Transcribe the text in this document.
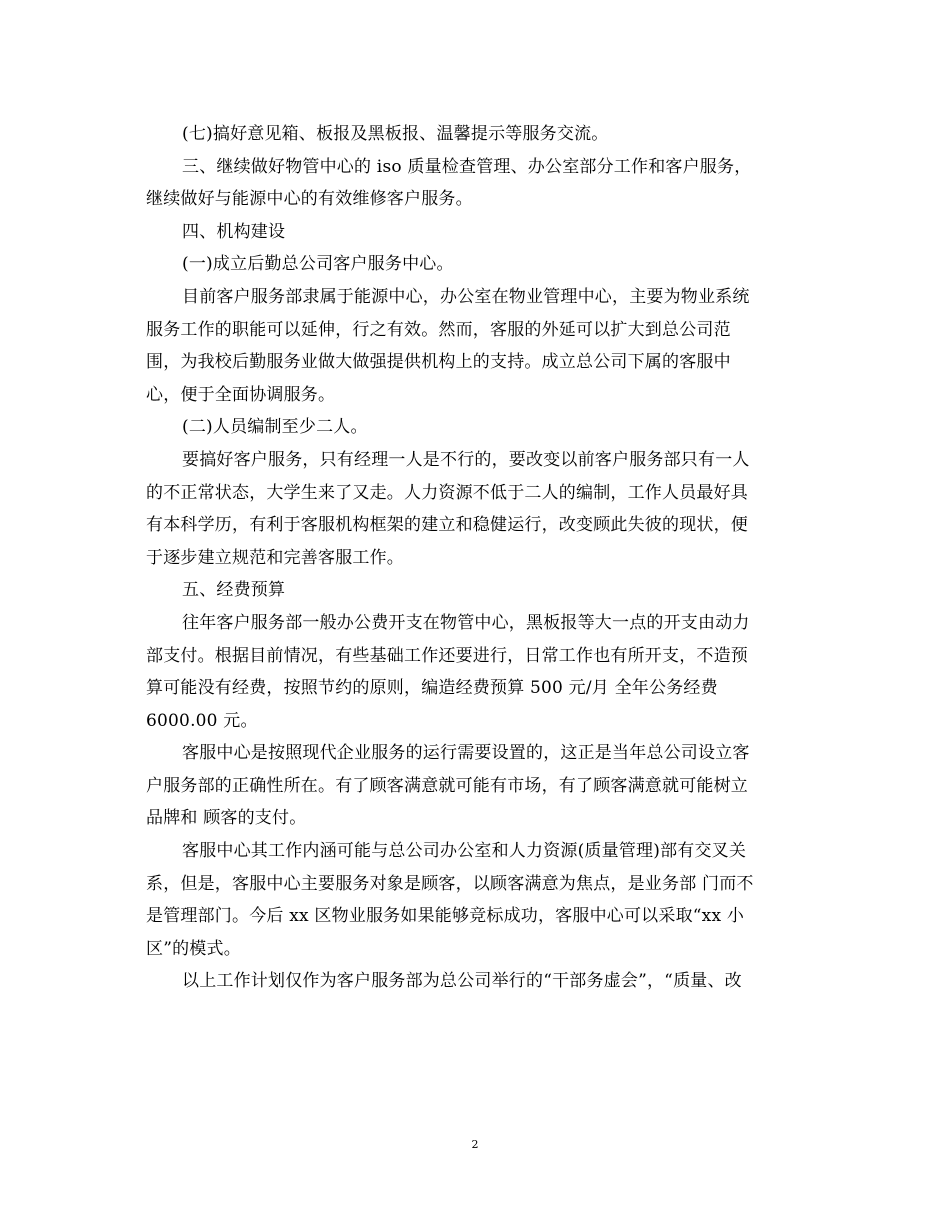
(七)搞好意见箱、板报及黑板报、温馨提示等服务交流。
三、继续做好物管中心的 iso 质量检查管理、办公室部分工作和客户服务，
继续做好与能源中心的有效维修客户服务。
四、机构建设
(一)成立后勤总公司客户服务中心。
目前客户服务部隶属于能源中心，办公室在物业管理中心，主要为物业系统
服务工作的职能可以延伸，行之有效。然而，客服的外延可以扩大到总公司范
围，为我校后勤服务业做大做强提供机构上的支持。成立总公司下属的客服中
心，便于全面协调服务。
(二)人员编制至少二人。
要搞好客户服务，只有经理一人是不行的，要改变以前客户服务部只有一人
的不正常状态，大学生来了又走。人力资源不低于二人的编制，工作人员最好具
有本科学历，有利于客服机构框架的建立和稳健运行，改变顾此失彼的现状，便
于逐步建立规范和完善客服工作。
五、经费预算
往年客户服务部一般办公费开支在物管中心，黑板报等大一点的开支由动力
部支付。根据目前情况，有些基础工作还要进行，日常工作也有所开支，不造预
算可能没有经费，按照节约的原则，编造经费预算 500 元/月 全年公务经费
6000.00 元。
客服中心是按照现代企业服务的运行需要设置的，这正是当年总公司设立客
户服务部的正确性所在。有了顾客满意就可能有市场，有了顾客满意就可能树立
品牌和 顾客的支付。
客服中心其工作内涵可能与总公司办公室和人力资源(质量管理)部有交叉关
系，但是，客服中心主要服务对象是顾客，以顾客满意为焦点，是业务部 门而不
是管理部门。今后 xx 区物业服务如果能够竞标成功，客服中心可以采取“xx 小
区”的模式。
以上工作计划仅作为客户服务部为总公司举行的“干部务虚会”，“质量、改
2
